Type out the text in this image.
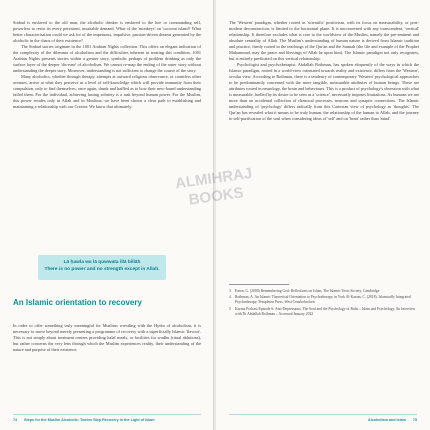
Sinbad is enslaved to the old man, the alcoholic drinker is enslaved to the hoe or commanding self, powerless to resist its every persistent, insatiable demand. What of the 'monkeys' on 'coconut island? What better characterisation could we ask for of the impetuous, impulsive, passion-driven dreams generated by the alcoholic in the chaos of their existence?

The Sinbad stories originate in the 1001 Arabian Nights collection. This offers an elegant indication of the complexity of the dilemma of alcoholism and the difficulties inherent in treating this condition. 1001 Arabian Nights presents stories within a greater story, symbolic perhaps of problem drinking as only the surface layer of the deeper 'dis-ease' of alcoholism. We cannot re-map the ending of the outer story without understanding the deeper story. Moreover, understanding is not sufficient to change the course of the story.

Many alcoholics, whether through therapy, attempts at outward religious observance, or countless other avenues, arrive at what they perceive as a level of self-knowledge which will provide immunity from their compulsion, only to find themselves, once again, drunk and baffled as to how their new-found understanding failed them. For the individual, achieving lasting sobriety is a task beyond human power. For the Muslim, this power resides only in Allah and in Muslims, we have been shown a clear path to establishing and maintaining a relationship with our Creator. We know that ultimately:

Lā ḥawla wa lā quwwata illā billāh
There is no power and no strength except in Allah.
An Islamic orientation to recovery

In order to offer something truly meaningful for Muslims wrestling with the Hydra of alcoholism, it is necessary to move beyond merely presenting a programme of recovery with a superficially Islamic 'flavour'. This is not simply about treatment centres providing halal meals, or facilities for wudhu (ritual ablutions), but rather concerns the very lens through which the Muslim experiences reality, their understanding of the nature and purpose of their existence.

74 Steps for the Muslim Alcoholic: Twelve Step Recovery in the Light of Islam

The 'Western' paradigm, whether rooted in 'scientific' positivism, with its focus on measurability, or post-modern deconstruction, is limited to the horizontal plane. It is unconcerned with any transcendent, 'vertical' relationship. It therefore excludes what is core to the worldview of the Muslim, namely the pre-eminent and absolute centrality of Allah. The Muslim's understanding of human nature is derived from Islamic tradition and practice, firmly rooted in the teachings of the Qur'an and the Sunnah (the life and example of the Prophet Muhammad, may the peace and blessings of Allah be upon him). The Islamic paradigm not only recognises, but is entirely predicated on this vertical relationship.

Psychologist and psychotherapist, Abdallah Rothman, has spoken eloquently of the ways in which the Islamic paradigm, rooted in a world-view orientated towards reality and existence, differs from the 'Western', secular view. According to Rothman, there is a tendency of contemporary 'Western' psychological approaches to be predominantly concerned with the more tangible, measurable attributes of human beings. These are attributes rooted in neurology, the brain and behaviours. This is a product of psychology's obsession with what is measurable, fuelled by its desire to be seen as a 'science', necessarily imposes limitations. As humans we are more than an accidental collection of chemical processes, neurons and synaptic connections. The Islamic understanding of 'psychology' differs radically from this Cartesian view of psychology as 'thoughts'. The Qur'an has revealed what it means to be truly human, the relationship of the human to Allah, and the journey to self-purification of the soul when considering ideas of 'self' and on 'heart' rather than 'mind'.

3	Eaton, G. (2000) Remembering God: Reflections on Islam, The Islamic Texts Society, Cambridge
4	Rothman, A. An Islamic Theoretical Orientation to Psychotherapy, in York Al-Karam, C. (2018), Islamically Integrated Psychotherapy, Templeton Press, West Conshohocken
5	Kurma Podcast Episode 6: Anti-Depressants, The Soul and the Psychology of Ruhs – Islam and Psychology. An Interview with Dr Abdallah Rothman – Accessed January 2022
Alcoholism and Islam 75
ALMIHRAJ BOOKS
